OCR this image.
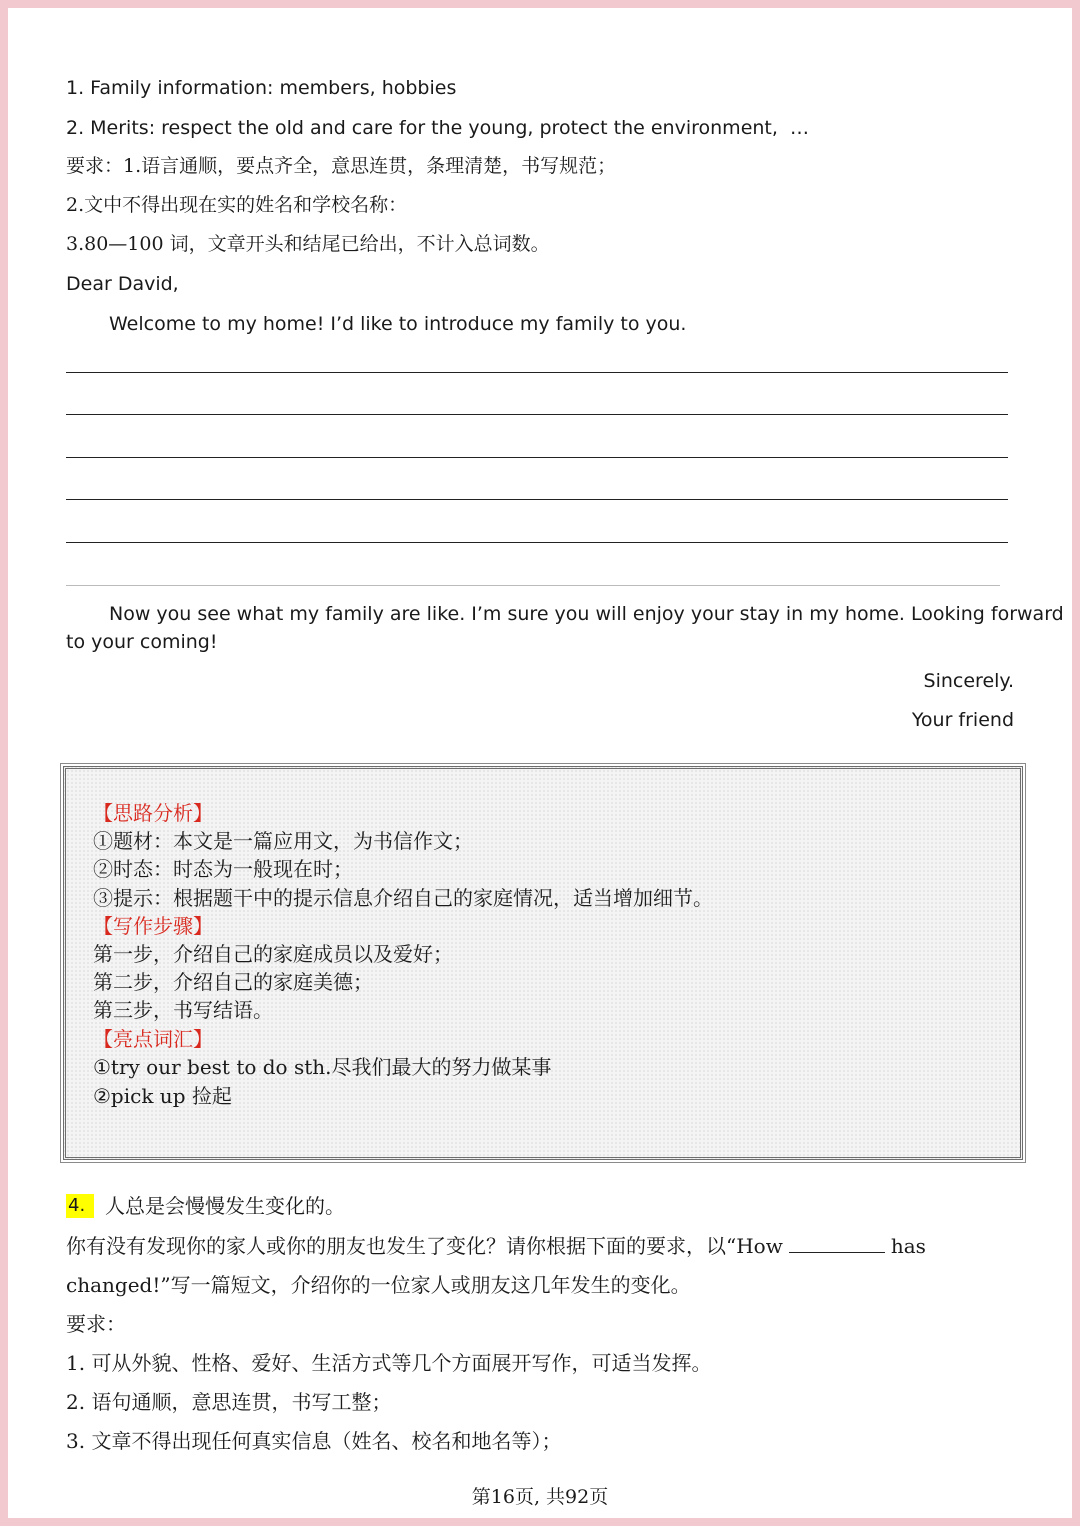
1. Family information: members, hobbies
2. Merits: respect the old and care for the young, protect the environment,  …
要求：1.语言通顺，要点齐全，意思连贯，条理清楚，书写规范；
2.文中不得出现在实的姓名和学校名称：
3.80—100 词，文章开头和结尾已给出，不计入总词数。
Dear David,
Welcome to my home! I’d like to introduce my family to you.
Now you see what my family are like. I’m sure you will enjoy your stay in my home. Looking forward
to your coming!
Sincerely.
Your friend
【思路分析】
①题材：本文是一篇应用文，为书信作文；
②时态：时态为一般现在时；
③提示：根据题干中的提示信息介绍自己的家庭情况，适当增加细节。
【写作步骤】
第一步，介绍自己的家庭成员以及爱好；
第二步，介绍自己的家庭美德；
第三步，书写结语。
【亮点词汇】
①try our best to do sth.尽我们最大的努力做某事
②pick up 捡起
4. 人总是会慢慢发生变化的。
你有没有发现你的家人或你的朋友也发生了变化？请你根据下面的要求，以“How	has
changed!”写一篇短文，介绍你的一位家人或朋友这几年发生的变化。
要求：
1. 可从外貌、性格、爱好、生活方式等几个方面展开写作，可适当发挥。
2. 语句通顺，意思连贯，书写工整；
3. 文章不得出现任何真实信息（姓名、校名和地名等）；
第16页, 共92页
